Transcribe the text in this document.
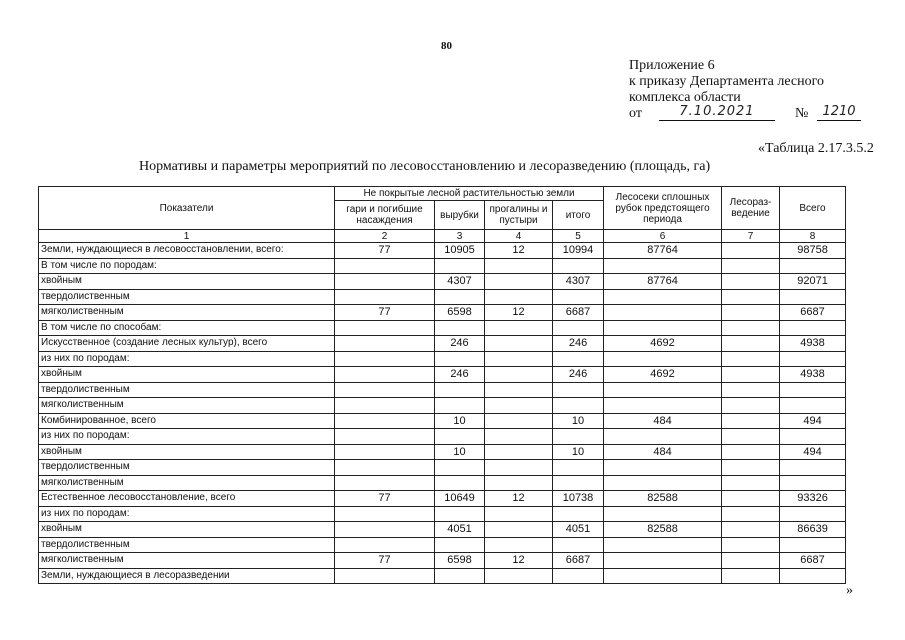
80
Приложение 6
к приказу Департамента лесного
комплекса области
от	7.10.2021	№	1210
«Таблица 2.17.3.5.2
Нормативы и параметры мероприятий по лесовосстановлению и лесоразведению (площадь, га)
Показатели	Не покрытые лесной растительностью земли				Лесосеки сплошных рубок предстоящего периода	Лесораз-ведение	Всего
	гари и погибшие насаждения	вырубки	прогалины и пустыри	итого			
1	2	3	4	5	6	7	8
Земли, нуждающиеся в лесовосстановлении, всего:	77	10905	12	10994	87764		98758
В том числе по породам:							
хвойным		4307		4307	87764		92071
твердолиственным							
мягколиственным	77	6598	12	6687			6687
В том числе по способам:							
Искусственное (создание лесных культур), всего		246		246	4692		4938
из них по породам:							
хвойным		246		246	4692		4938
твердолиственным							
мягколиственным							
Комбинированное, всего		10		10	484		494
из них по породам:							
хвойным		10		10	484		494
твердолиственным							
мягколиственным							
Естественное лесовосстановление, всего	77	10649	12	10738	82588		93326
из них по породам:							
хвойным		4051		4051	82588		86639
твердолиственным							
мягколиственным	77	6598	12	6687			6687
Земли, нуждающиеся в лесоразведении							
»
